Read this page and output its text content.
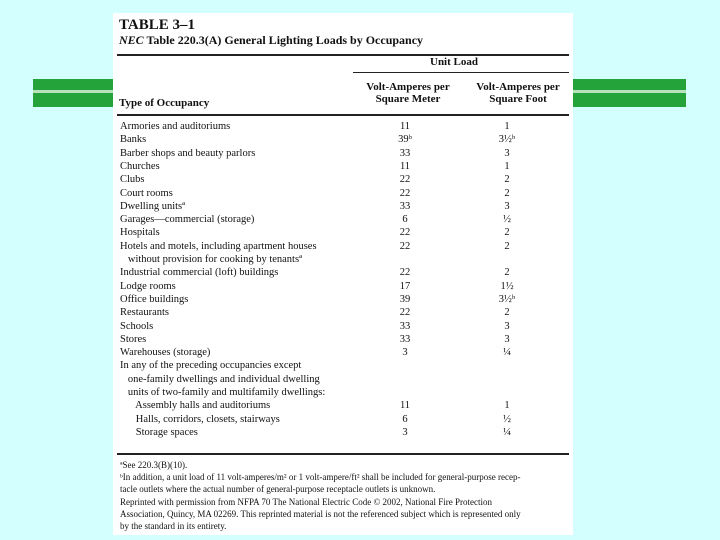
TABLE 3–1
NEC Table 220.3(A) General Lighting Loads by Occupancy
Unit Load
Type of Occupancy
Volt-Amperes per
Square Meter
Volt-Amperes per
Square Foot
Armories and auditoriums	11	1
Banks	39ᵇ	3½ᵇ
Barber shops and beauty parlors	33	3
Churches	11	1
Clubs	22	2
Court rooms	22	2
Dwelling unitsª	33	3
Garages—commercial (storage)	6	½
Hospitals	22	2
Hotels and motels, including apartment houses	22	2
without provision for cooking by tenantsª
Industrial commercial (loft) buildings	22	2
Lodge rooms	17	1½
Office buildings	39	3½ᵇ
Restaurants	22	2
Schools	33	3
Stores	33	3
Warehouses (storage)	3	¼
In any of the preceding occupancies except
one-family dwellings and individual dwelling
units of two-family and multifamily dwellings:
Assembly halls and auditoriums	11	1
Halls, corridors, closets, stairways	6	½
Storage spaces	3	¼
ªSee 220.3(B)(10).
ᵇIn addition, a unit load of 11 volt-amperes/m² or 1 volt-ampere/ft² shall be included for general-purpose recep-
tacle outlets where the actual number of general-purpose receptacle outlets is unknown.
Reprinted with permission from NFPA 70 The National Electric Code © 2002, National Fire Protection
Association, Quincy, MA 02269. This reprinted material is not the referenced subject which is represented only
by the standard in its entirety.
